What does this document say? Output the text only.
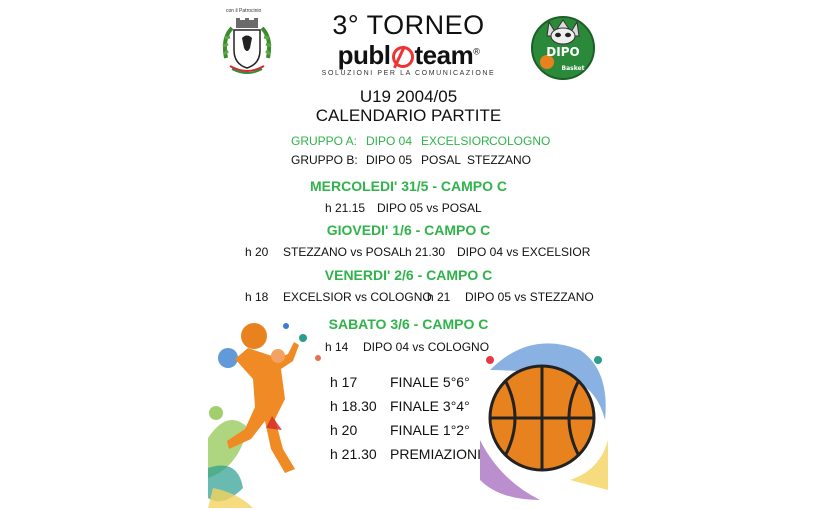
con il Patrocinio	3° TORNEO
publ team®
SOLUZIONI PER LA COMUNICAZIONE
DIPO
Basket
U19 2004/05
CALENDARIO PARTITE
GRUPPO A: DIPO 04 EXCELSIOR COLOGNO
GRUPPO B: DIPO 05 POSAL STEZZANO
MERCOLEDI' 31/5 - CAMPO C
h 21.15 DIPO 05 vs POSAL
GIOVEDI' 1/6 - CAMPO C
h 20 STEZZANO vs POSAL h 21.30 DIPO 04 vs EXCELSIOR
VENERDI' 2/6 - CAMPO C
h 18 EXCELSIOR vs COLOGNO
h 21 DIPO 05 vs STEZZANO
SABATO 3/6 - CAMPO C
h 14 DIPO 04 vs COLOGNO
h 17 FINALE 5°6°
h 18.30 FINALE 3°4°
h 20 FINALE 1°2°
h 21.30 PREMIAZIONI
